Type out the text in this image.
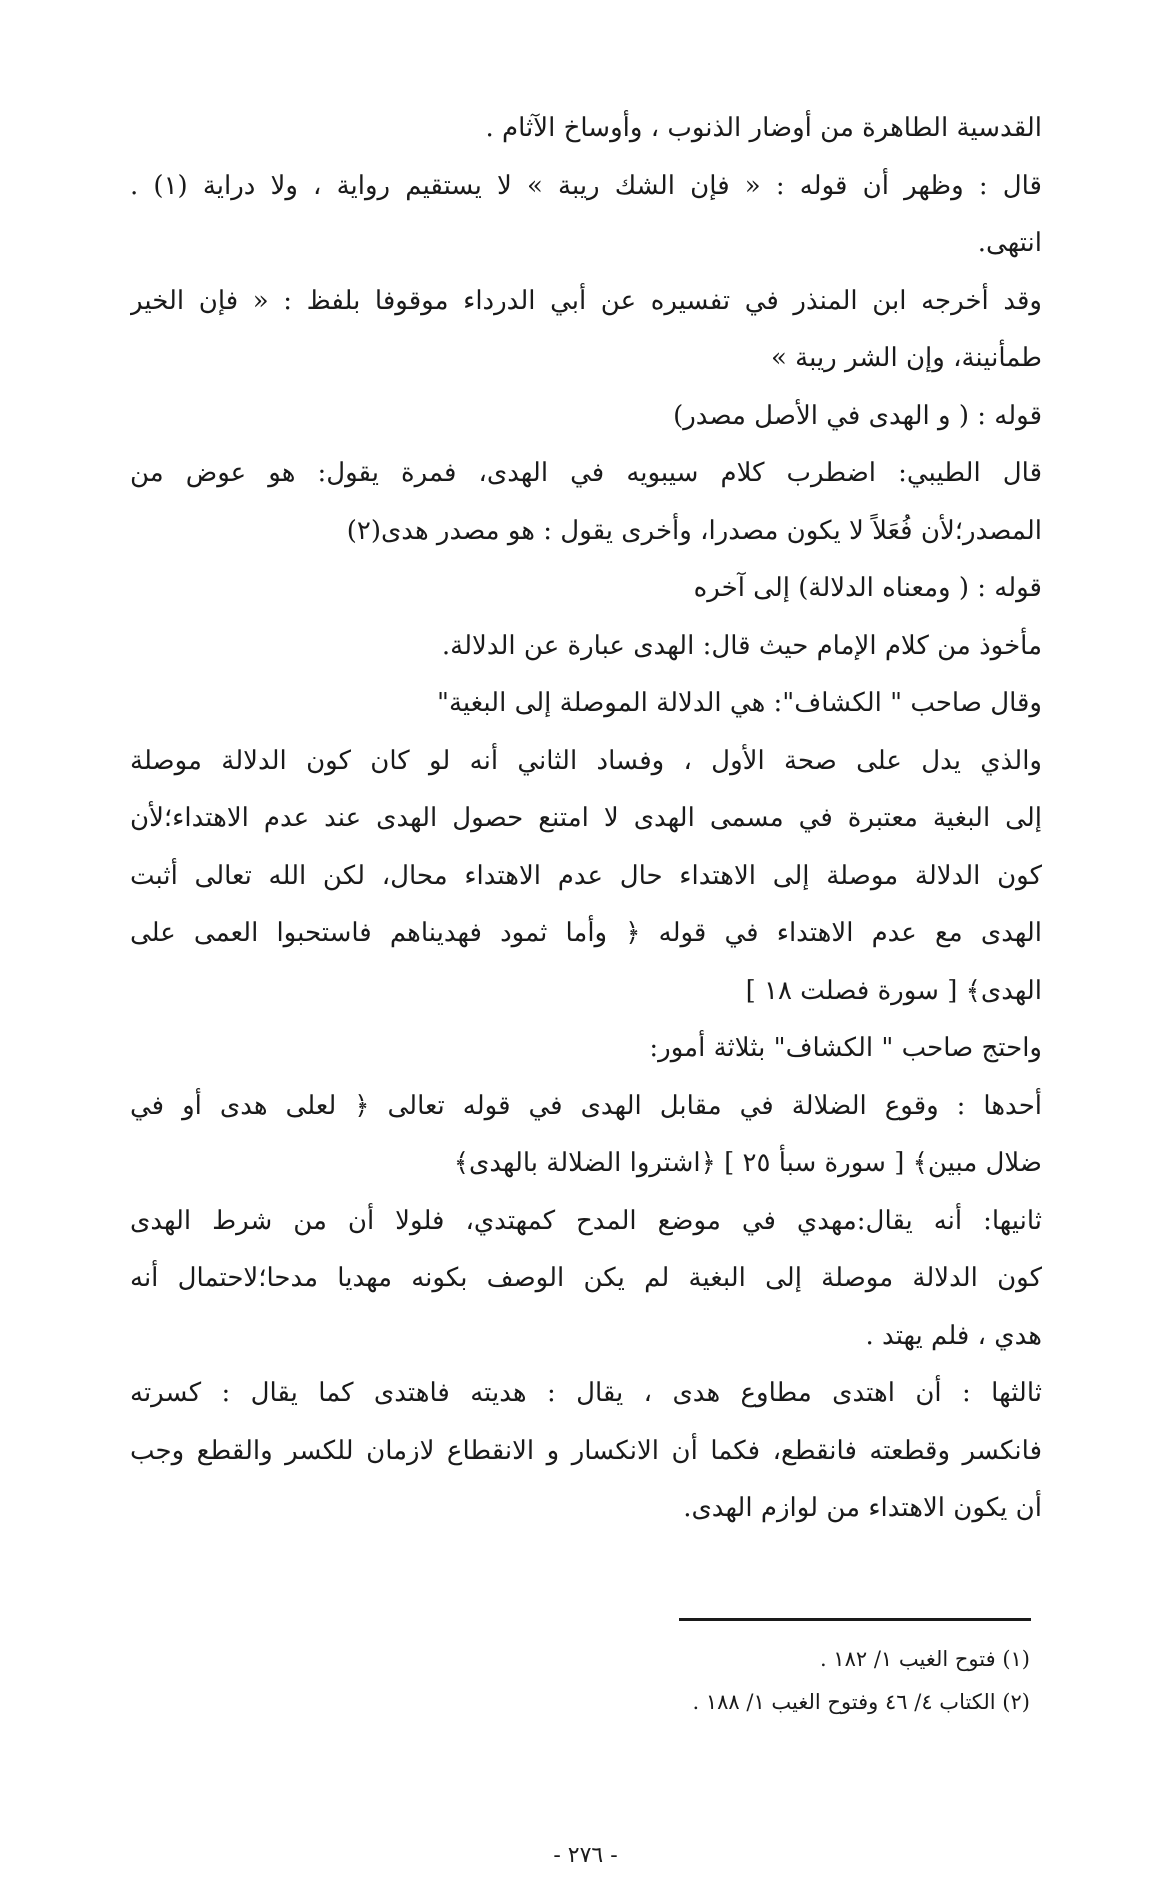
القدسية الطاهرة من أوضار الذنوب ، وأوساخ الآثام .
قال : وظهر أن قوله : « فإن الشك ريبة » لا يستقيم رواية ، ولا دراية (١) .
انتهى.
وقد أخرجه ابن المنذر في تفسيره عن أبي الدرداء موقوفا بلفظ : « فإن الخير
طمأنينة، وإن الشر ريبة »
قوله : ( و الهدى في الأصل مصدر)
قال الطيبي: اضطرب كلام سيبويه في الهدى، فمرة يقول: هو عوض من
المصدر؛لأن فُعَلاً لا يكون مصدرا، وأخرى يقول : هو مصدر هدى(٢)
قوله : ( ومعناه الدلالة) إلى آخره
مأخوذ من كلام الإمام حيث قال: الهدى عبارة عن الدلالة.
وقال صاحب " الكشاف": هي الدلالة الموصلة إلى البغية"
والذي يدل على صحة الأول ، وفساد الثاني أنه لو كان كون الدلالة موصلة
إلى البغية معتبرة في مسمى الهدى لا امتنع حصول الهدى عند عدم الاهتداء؛لأن
كون الدلالة موصلة إلى الاهتداء حال عدم الاهتداء محال، لكن الله تعالى أثبت
الهدى مع عدم الاهتداء في قوله ﴿ وأما ثمود فهديناهم فاستحبوا العمى على
الهدى﴾ [ سورة فصلت ١٨ ]
واحتج صاحب " الكشاف" بثلاثة أمور:
أحدها : وقوع الضلالة في مقابل الهدى في قوله تعالى ﴿ لعلى هدى أو في
ضلال مبين﴾ [ سورة سبأ ٢٥ ] ﴿اشتروا الضلالة بالهدى﴾
ثانيها: أنه يقال:مهدي في موضع المدح كمهتدي، فلولا أن من شرط الهدى
كون الدلالة موصلة إلى البغية لم يكن الوصف بكونه مهديا مدحا؛لاحتمال أنه
هدي ، فلم يهتد .
ثالثها : أن اهتدى مطاوع هدى ، يقال : هديته فاهتدى كما يقال : كسرته
فانكسر وقطعته فانقطع، فكما أن الانكسار و الانقطاع لازمان للكسر والقطع وجب
أن يكون الاهتداء من لوازم الهدى.
(١) فتوح الغيب ١/ ١٨٢ .
(٢) الكتاب ٤/ ٤٦ وفتوح الغيب ١/ ١٨٨ .
- ٢٧٦ -
